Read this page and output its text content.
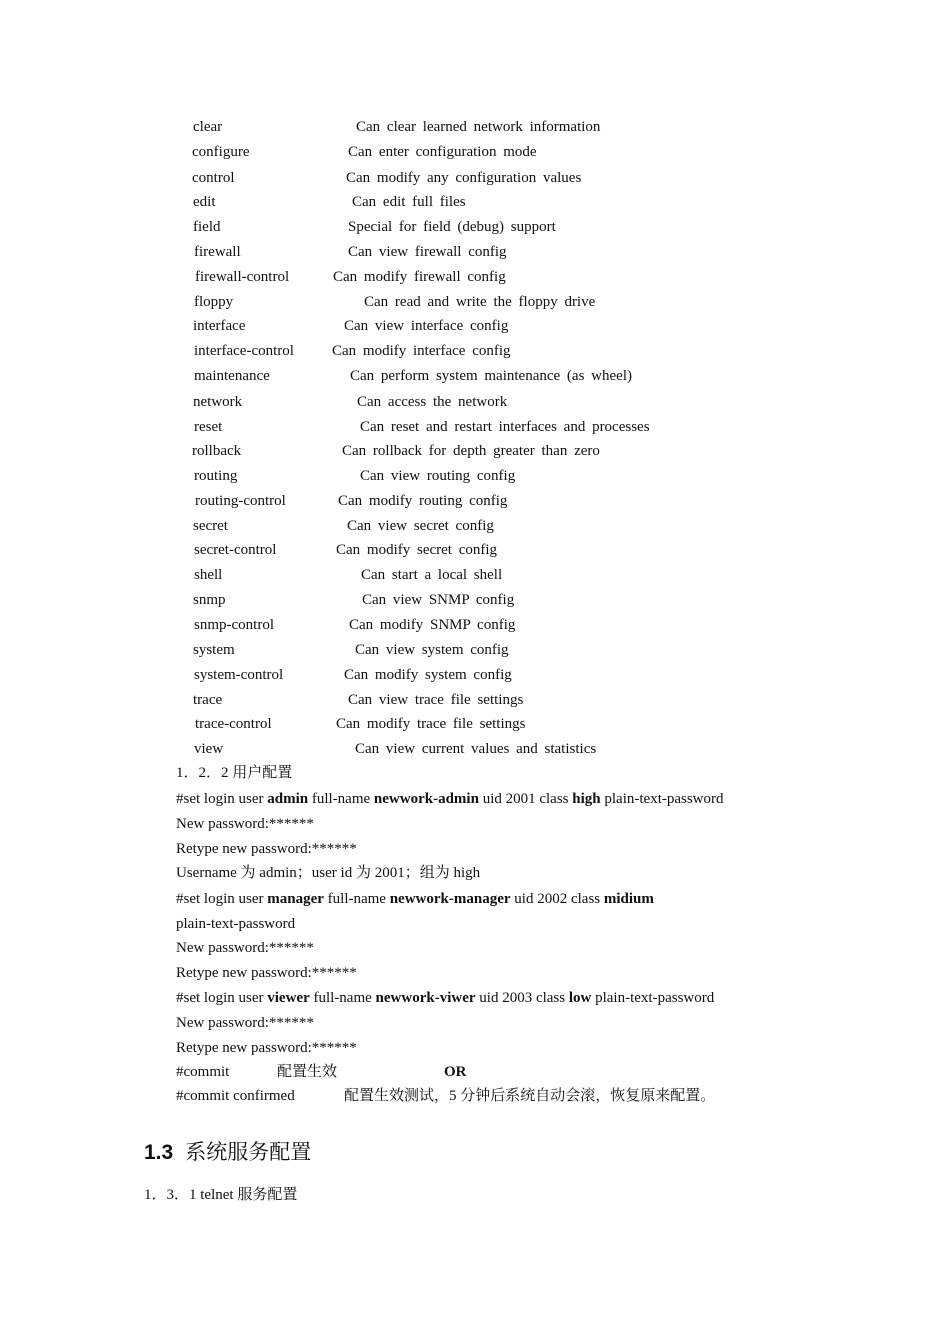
clear	Can clear learned network information
configure	Can enter configuration mode
control	Can modify any configuration values
edit	Can edit full files
field	Special for field (debug) support
firewall	Can view firewall config
firewall-control	Can modify firewall config
floppy	Can read and write the floppy drive
interface	Can view interface config
interface-control	Can modify interface config
maintenance	Can perform system maintenance (as wheel)
network	Can access the network
reset	Can reset and restart interfaces and processes
rollback	Can rollback for depth greater than zero
routing	Can view routing config
routing-control	Can modify routing config
secret	Can view secret config
secret-control	Can modify secret config
shell	Can start a local shell
snmp	Can view SNMP config
snmp-control	Can modify SNMP config
system	Can view system config
system-control	Can modify system config
trace	Can view trace file settings
trace-control	Can modify trace file settings
view	Can view current values and statistics
1．2．2 用户配置
#set login user admin full-name newwork-admin uid 2001 class high plain-text-password
New password:******
Retype new password:******
Username 为 admin；user id 为 2001；组为 high
#set login user manager full-name newwork-manager uid 2002 class midium
plain-text-password
New password:******
Retype new password:******
#set login user viewer full-name newwork-viwer uid 2003 class low plain-text-password
New password:******
Retype new password:******
#commit	配置生效	OR
#commit confirmed	配置生效测试，5 分钟后系统自动会滚，恢复原来配置。
1.3 系统服务配置
1．3．1 telnet 服务配置
